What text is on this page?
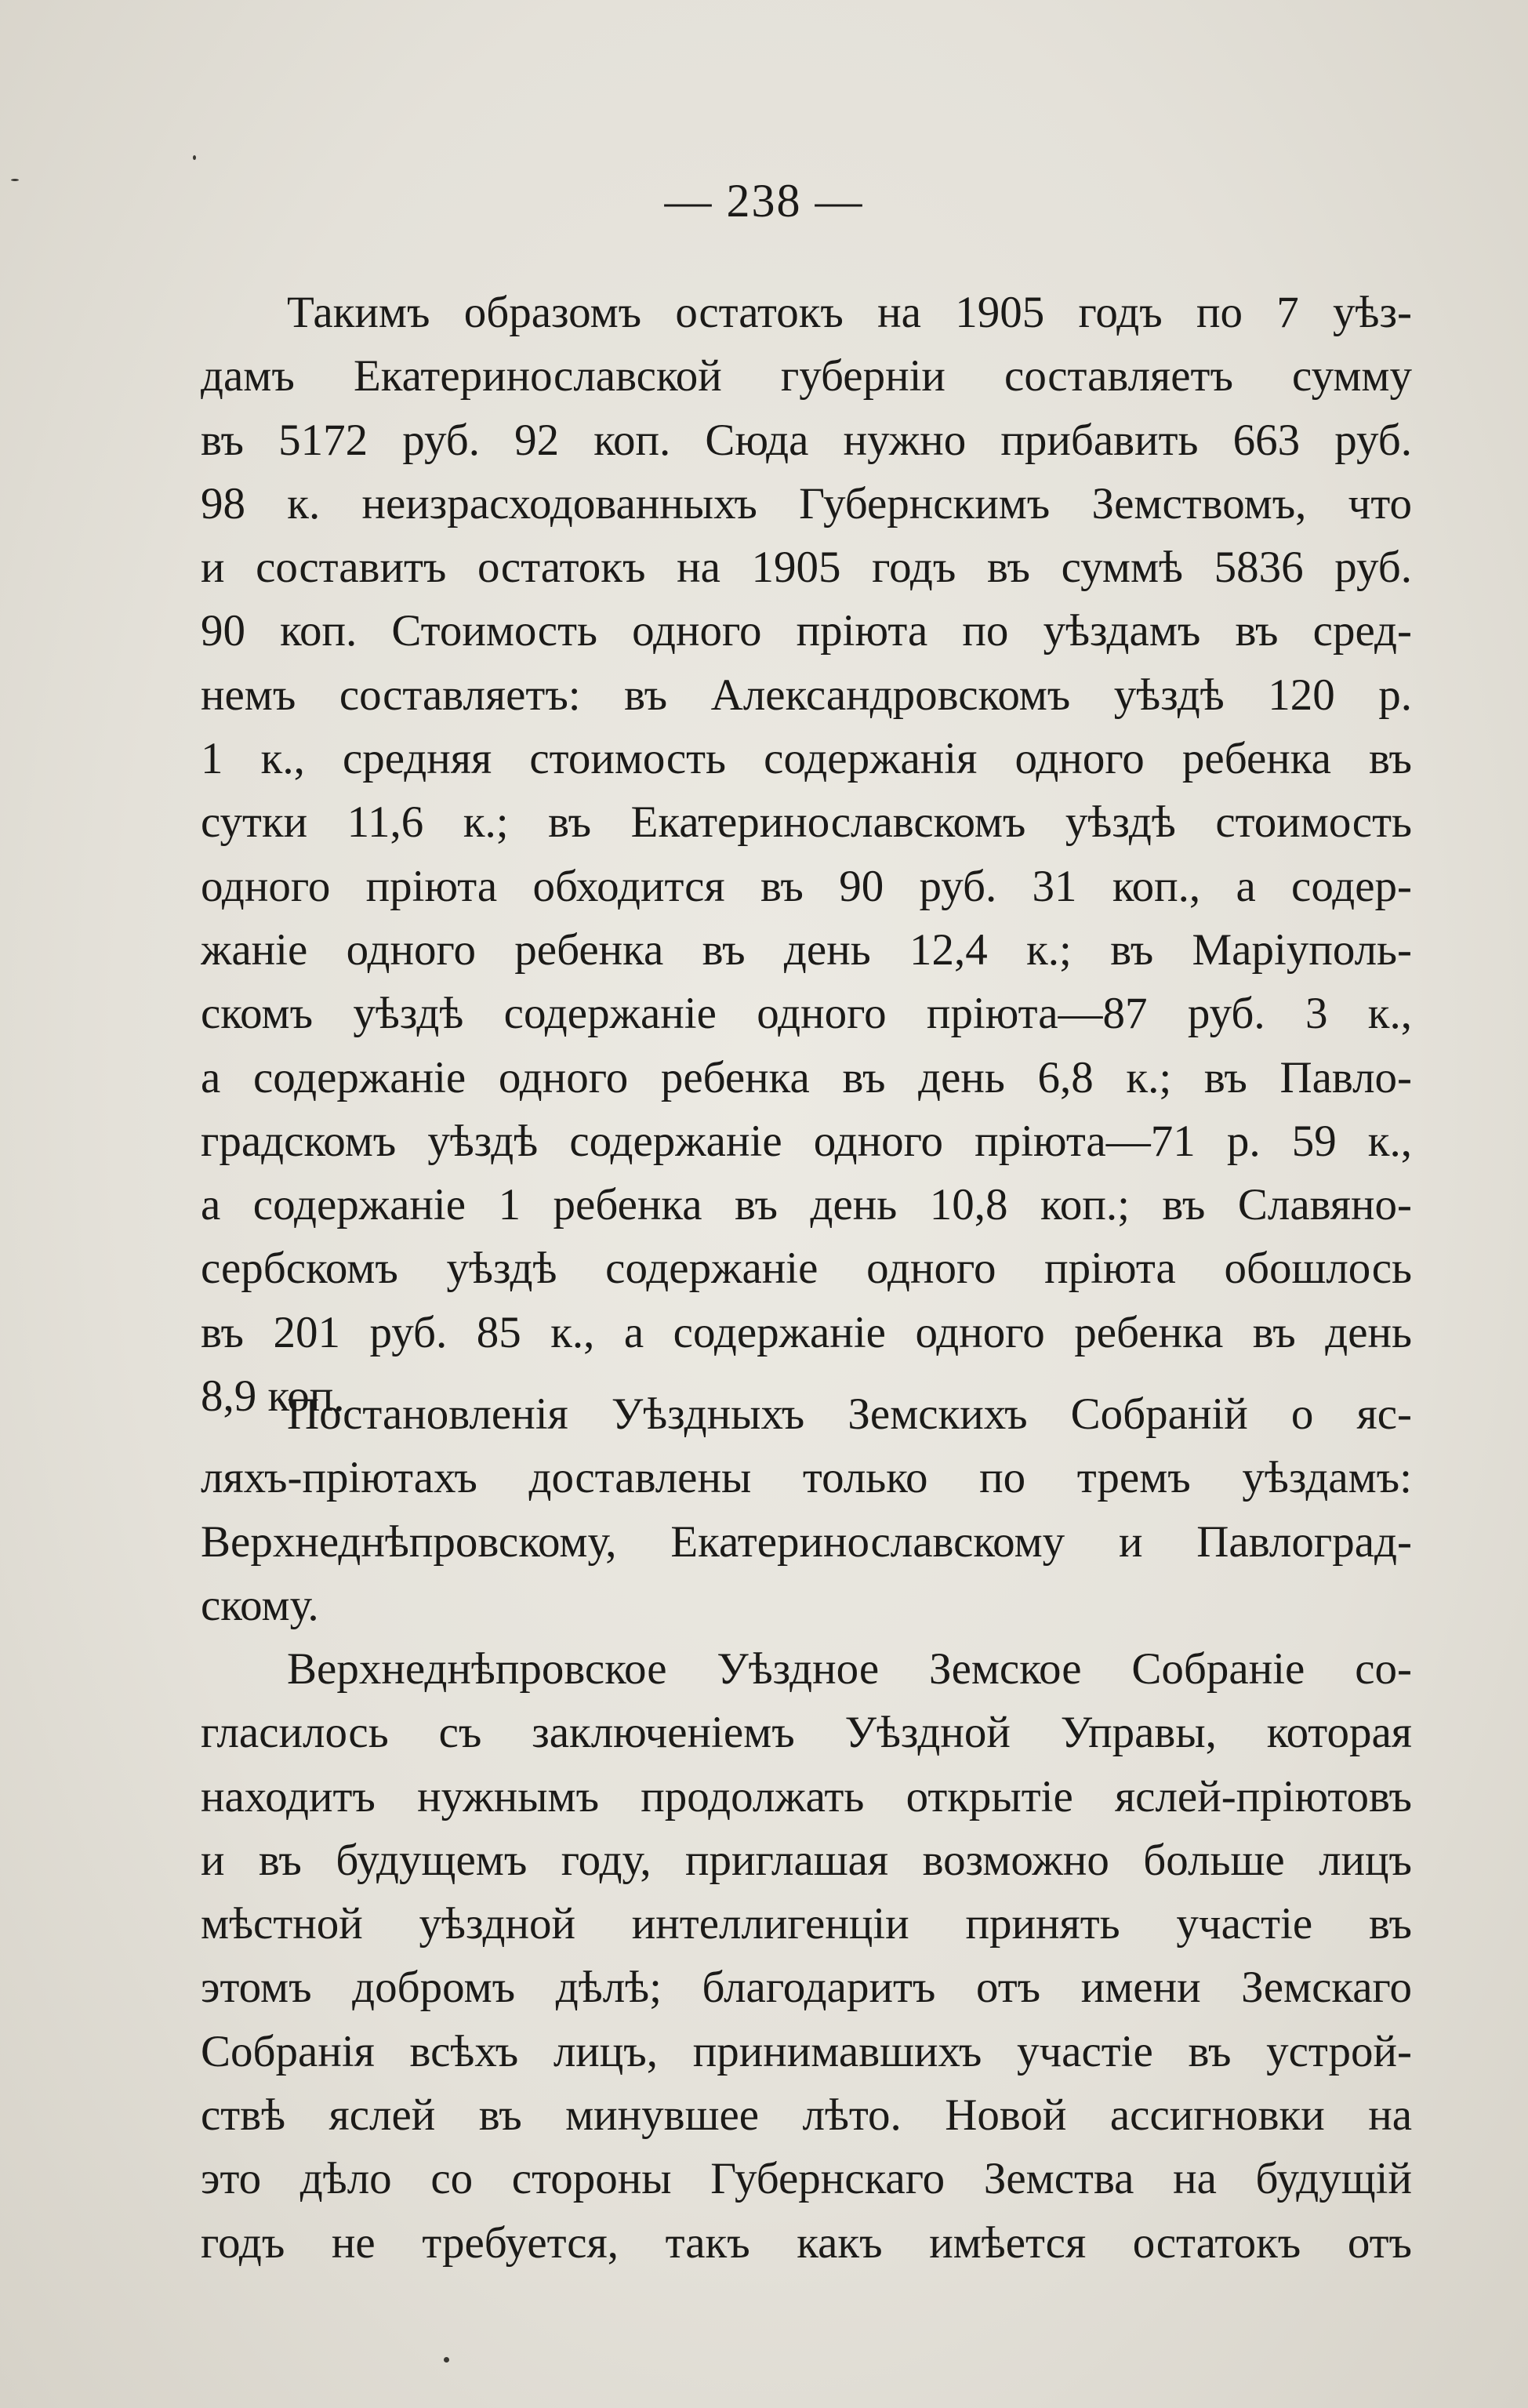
— 238 —
Такимъ образомъ остатокъ на 1905 годъ по 7 уѣз-
дамъ Екатеринославской губерніи составляетъ сумму
въ 5172 руб. 92 коп. Сюда нужно прибавить 663 руб.
98 к. неизрасходованныхъ Губернскимъ Земствомъ, что
и составитъ остатокъ на 1905 годъ въ суммѣ 5836 руб.
90 коп. Стоимость одного пріюта по уѣздамъ въ сред-
немъ составляетъ: въ Александровскомъ уѣздѣ 120 р.
1 к., средняя стоимость содержанія одного ребенка въ
сутки 11,6 к.; въ Екатеринославскомъ уѣздѣ стоимость
одного пріюта обходится въ 90 руб. 31 коп., а содер-
жаніе одного ребенка въ день 12,4 к.; въ Маріуполь-
скомъ уѣздѣ содержаніе одного пріюта—87 руб. 3 к.,
а содержаніе одного ребенка въ день 6,8 к.; въ Павло-
градскомъ уѣздѣ содержаніе одного пріюта—71 р. 59 к.,
а содержаніе 1 ребенка въ день 10,8 коп.; въ Славяно-
сербскомъ уѣздѣ содержаніе одного пріюта обошлось
въ 201 руб. 85 к., а содержаніе одного ребенка въ день
8,9 коп.
Постановленія Уѣздныхъ Земскихъ Собраній о яс-
ляхъ-пріютахъ доставлены только по тремъ уѣздамъ:
Верхнеднѣпровскому, Екатеринославскому и Павлоград-
скому.
Верхнеднѣпровское Уѣздное Земское Собраніе со-
гласилось съ заключеніемъ Уѣздной Управы, которая
находитъ нужнымъ продолжать открытіе яслей-пріютовъ
и въ будущемъ году, приглашая возможно больше лицъ
мѣстной уѣздной интеллигенціи принять участіе въ
этомъ добромъ дѣлѣ; благодаритъ отъ имени Земскаго
Собранія всѣхъ лицъ, принимавшихъ участіе въ устрой-
ствѣ яслей въ минувшее лѣто. Новой ассигновки на
это дѣло со стороны Губернскаго Земства на будущій
годъ не требуется, такъ какъ имѣется остатокъ отъ
